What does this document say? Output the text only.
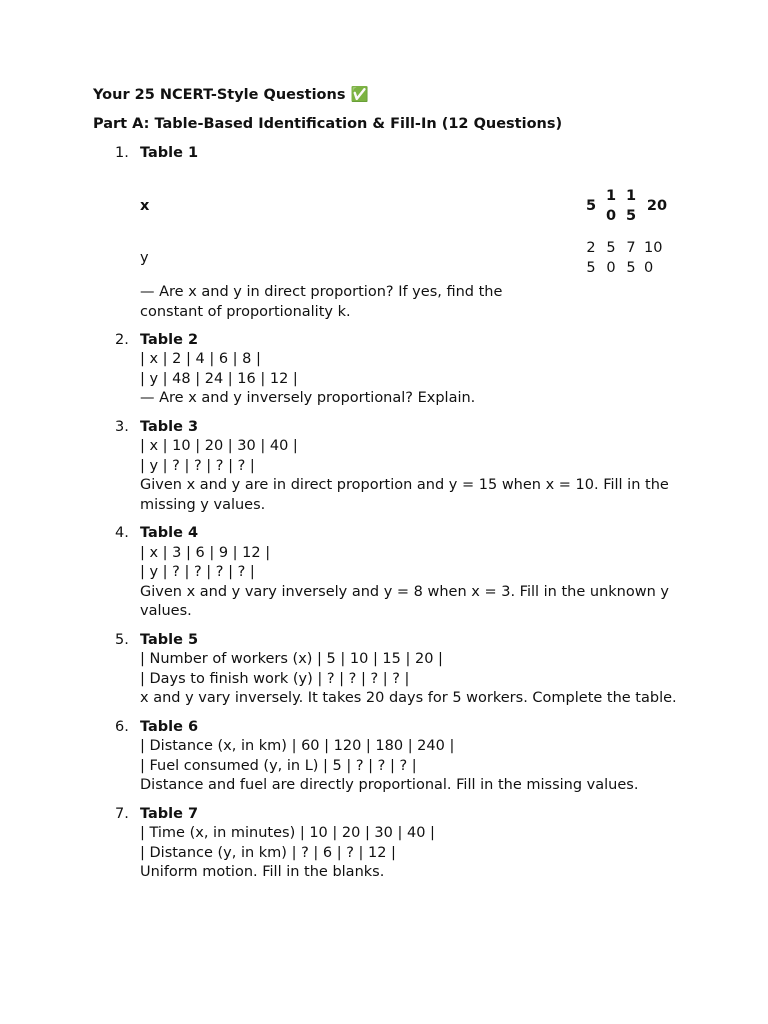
Your 25 NCERT-Style Questions ✅
Part A: Table-Based Identification & Fill-In (12 Questions)
1. Table 1
x
y
5
1
0
1
5
20
2
5
5
0
7
5
10
0
— Are x and y in direct proportion? If yes, find the constant of proportionality k.
2. Table 2
| x | 2 | 4 | 6 | 8 |
| y | 48 | 24 | 16 | 12 |
— Are x and y inversely proportional? Explain.
3. Table 3
| x | 10 | 20 | 30 | 40 |
| y | ? | ? | ? | ? |
Given x and y are in direct proportion and y = 15 when x = 10. Fill in the missing y values.
4. Table 4
| x | 3 | 6 | 9 | 12 |
| y | ? | ? | ? | ? |
Given x and y vary inversely and y = 8 when x = 3. Fill in the unknown y values.
5. Table 5
| Number of workers (x) | 5 | 10 | 15 | 20 |
| Days to finish work (y) | ? | ? | ? | ? |
x and y vary inversely. It takes 20 days for 5 workers. Complete the table.
6. Table 6
| Distance (x, in km) | 60 | 120 | 180 | 240 |
| Fuel consumed (y, in L) | 5 | ? | ? | ? |
Distance and fuel are directly proportional. Fill in the missing values.
7. Table 7
| Time (x, in minutes) | 10 | 20 | 30 | 40 |
| Distance (y, in km) | ? | 6 | ? | 12 |
Uniform motion. Fill in the blanks.
